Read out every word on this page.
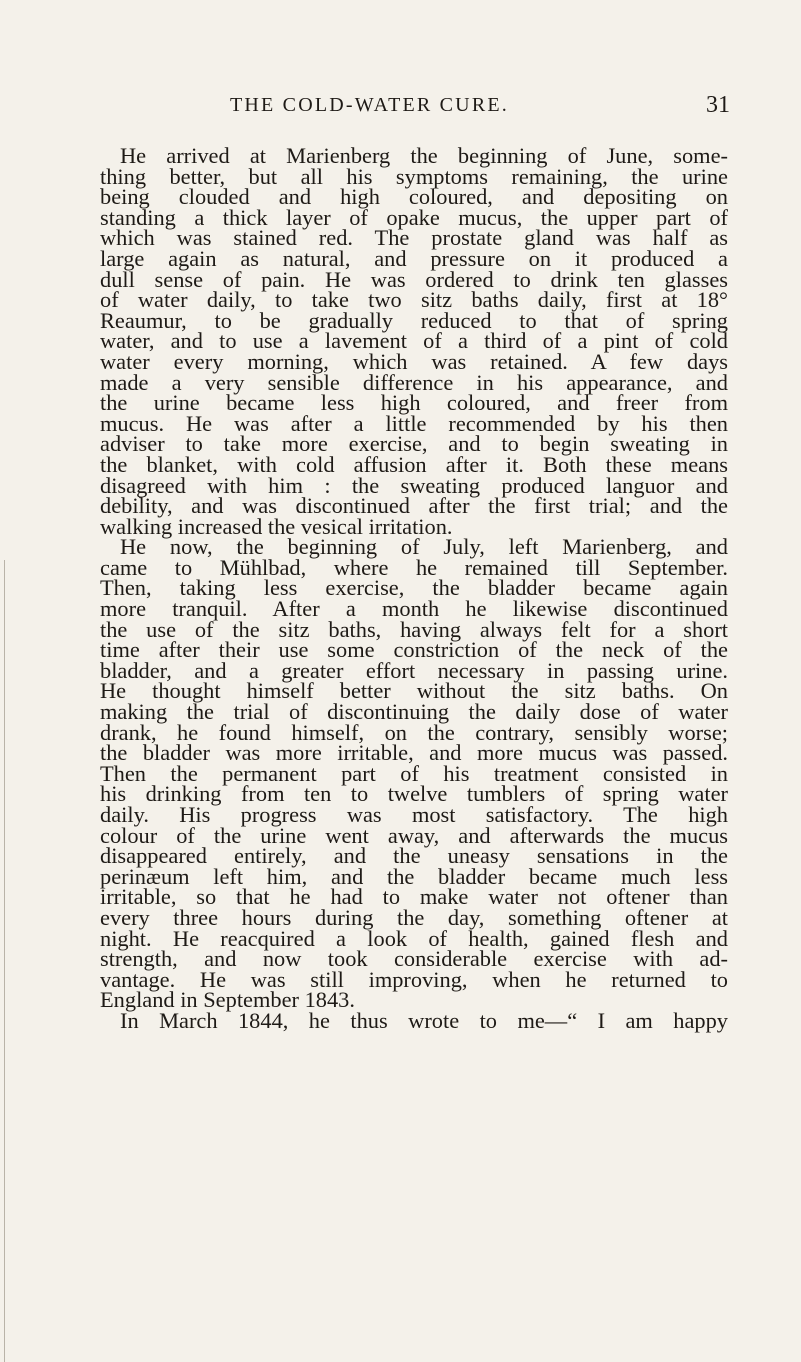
THE COLD-WATER CURE.	31
He arrived at Marienberg the beginning of June, some-
thing better, but all his symptoms remaining, the urine
being clouded and high coloured, and depositing on
standing a thick layer of opake mucus, the upper part of
which was stained red. The prostate gland was half as
large again as natural, and pressure on it produced a
dull sense of pain. He was ordered to drink ten glasses
of water daily, to take two sitz baths daily, first at 18°
Reaumur, to be gradually reduced to that of spring
water, and to use a lavement of a third of a pint of cold
water every morning, which was retained. A few days
made a very sensible difference in his appearance, and
the urine became less high coloured, and freer from
mucus. He was after a little recommended by his then
adviser to take more exercise, and to begin sweating in
the blanket, with cold affusion after it. Both these means
disagreed with him : the sweating produced languor and
debility, and was discontinued after the first trial; and the
walking increased the vesical irritation.
He now, the beginning of July, left Marienberg, and
came to Mühlbad, where he remained till September.
Then, taking less exercise, the bladder became again
more tranquil. After a month he likewise discontinued
the use of the sitz baths, having always felt for a short
time after their use some constriction of the neck of the
bladder, and a greater effort necessary in passing urine.
He thought himself better without the sitz baths. On
making the trial of discontinuing the daily dose of water
drank, he found himself, on the contrary, sensibly worse;
the bladder was more irritable, and more mucus was passed.
Then the permanent part of his treatment consisted in
his drinking from ten to twelve tumblers of spring water
daily. His progress was most satisfactory. The high
colour of the urine went away, and afterwards the mucus
disappeared entirely, and the uneasy sensations in the
perinæum left him, and the bladder became much less
irritable, so that he had to make water not oftener than
every three hours during the day, something oftener at
night. He reacquired a look of health, gained flesh and
strength, and now took considerable exercise with ad-
vantage. He was still improving, when he returned to
England in September 1843.
In March 1844, he thus wrote to me—“ I am happy
